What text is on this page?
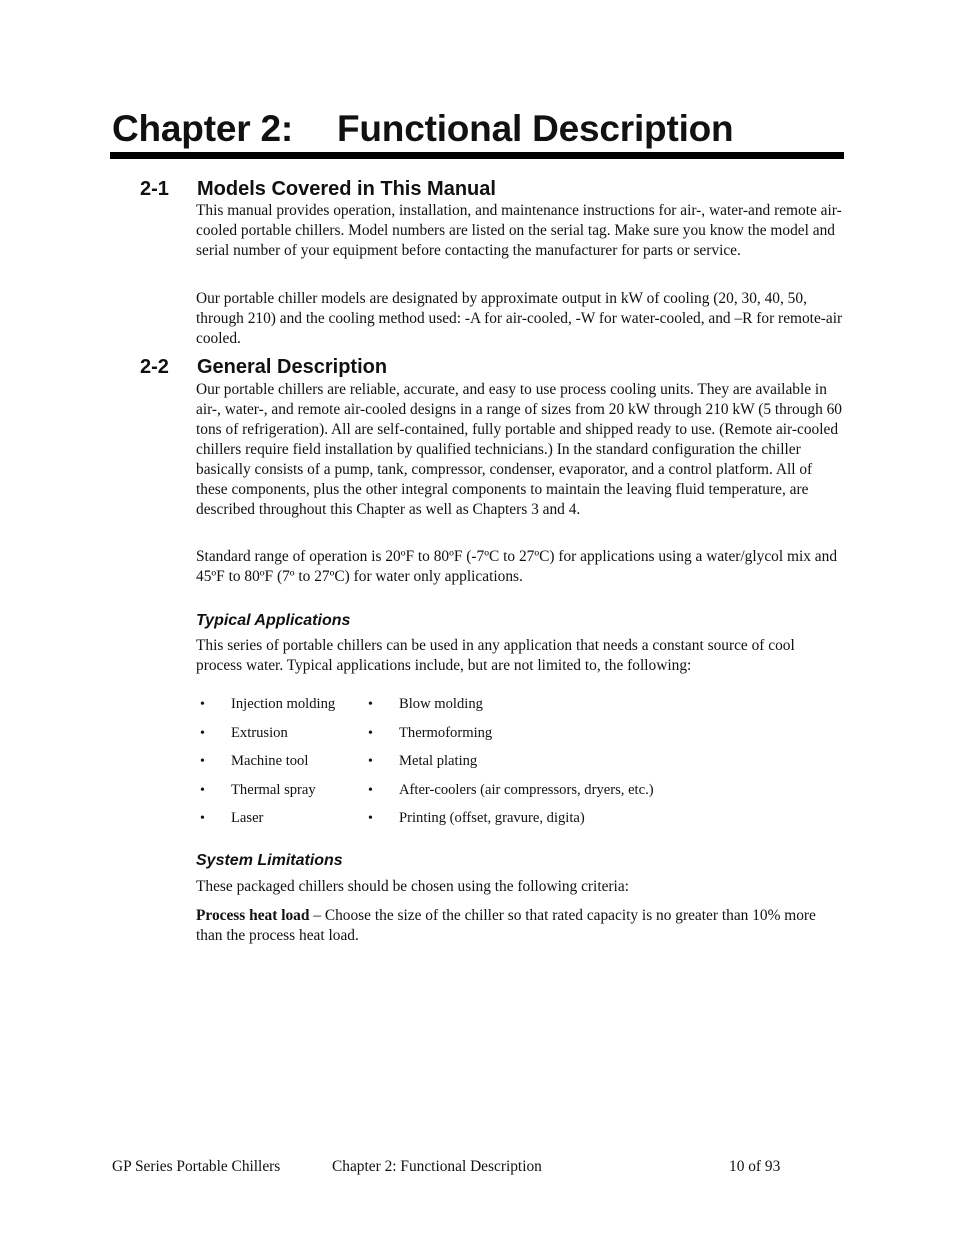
Chapter 2: Functional Description
2-1 Models Covered in This Manual

This manual provides operation, installation, and maintenance instructions for air-, water-and remote air-cooled portable chillers. Model numbers are listed on the serial tag. Make sure you know the model and serial number of your equipment before contacting the manufacturer for parts or service.

Our portable chiller models are designated by approximate output in kW of cooling (20, 30, 40, 50, through 210) and the cooling method used: -A for air-cooled, -W for water-cooled, and –R for remote-air cooled.

2-2 General Description

Our portable chillers are reliable, accurate, and easy to use process cooling units. They are available in air-, water-, and remote air-cooled designs in a range of sizes from 20 kW through 210 kW (5 through 60 tons of refrigeration). All are self-contained, fully portable and shipped ready to use. (Remote air-cooled chillers require field installation by qualified technicians.) In the standard configuration the chiller basically consists of a pump, tank, compressor, condenser, evaporator, and a control platform. All of these components, plus the other integral components to maintain the leaving fluid temperature, are described throughout this Chapter as well as Chapters 3 and 4.

Standard range of operation is 20ºF to 80ºF (-7ºC to 27ºC) for applications using a water/glycol mix and 45ºF to 80ºF (7º to 27ºC) for water only applications.

Typical Applications

This series of portable chillers can be used in any application that needs a constant source of cool process water. Typical applications include, but are not limited to, the following:

• Injection molding • Blow molding
• Extrusion	• Thermoforming
• Machine tool	• Metal plating
• Thermal spray	• After-coolers (air compressors, dryers, etc.)
• Laser	• Printing (offset, gravure, digita)
System Limitations

These packaged chillers should be chosen using the following criteria:

Process heat load – Choose the size of the chiller so that rated capacity is no greater than 10% more than the process heat load.

GP Series Portable Chillers	Chapter 2: Functional Description	10 of 93
